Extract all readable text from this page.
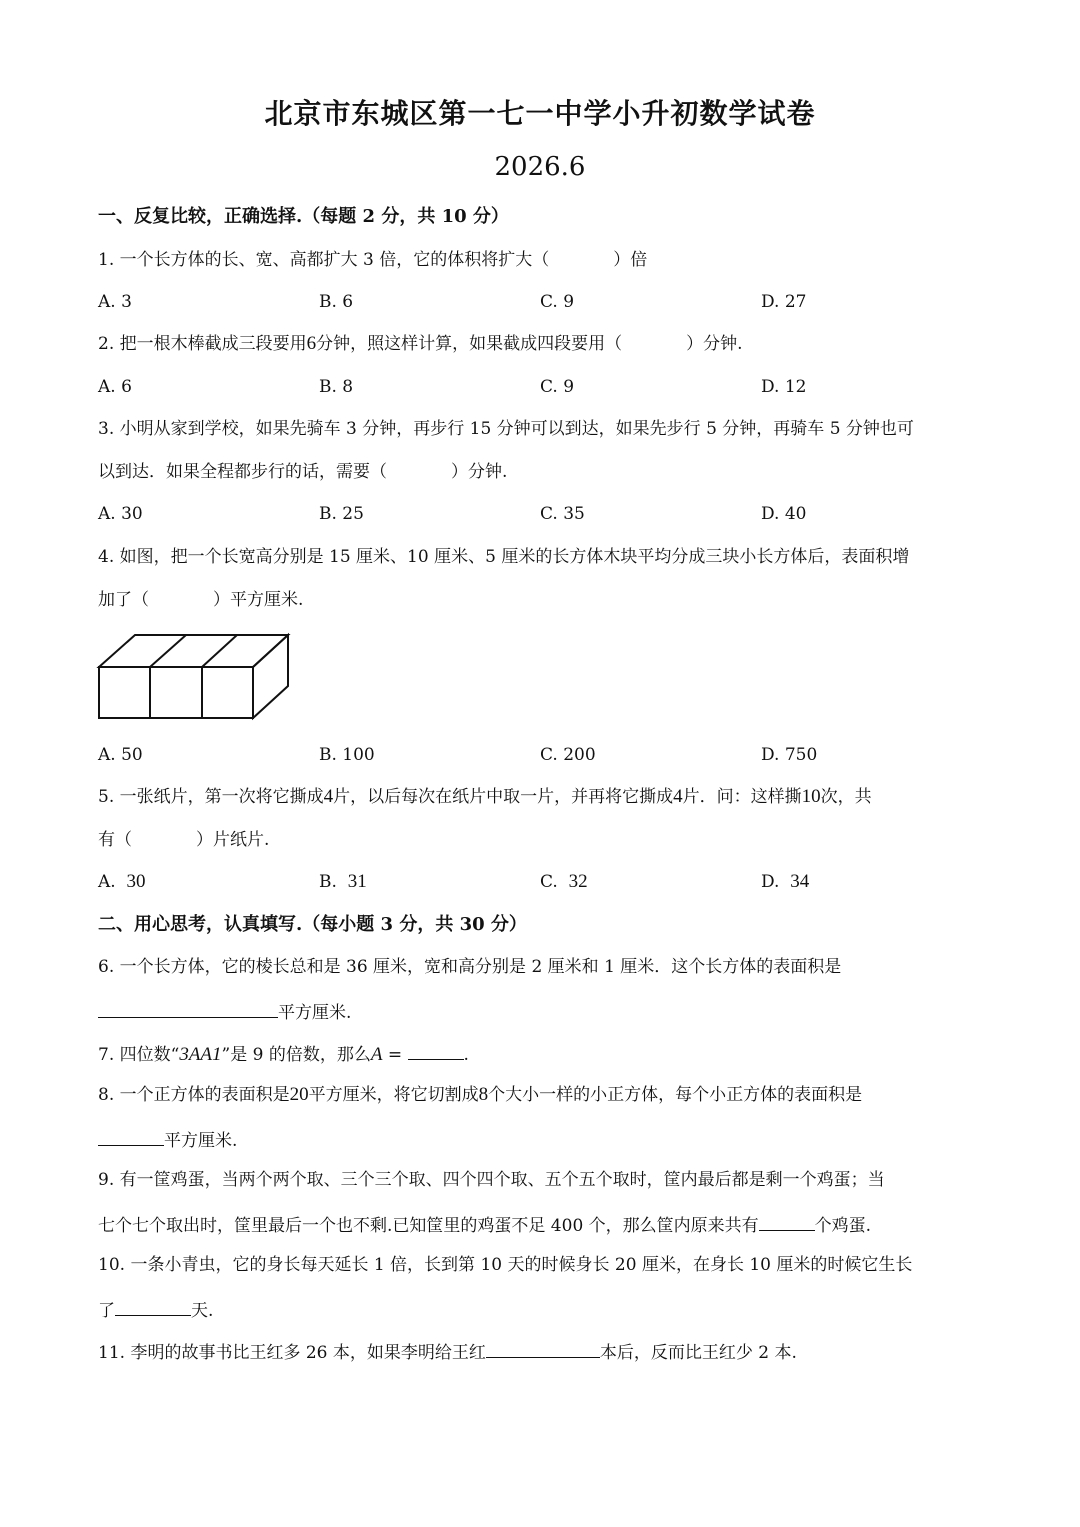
北京市东城区第一七一中学小升初数学试卷
2026.6
一、反复比较，正确选择.（每题 2 分，共 10 分）
1. 一个长方体的长、宽、高都扩大 3 倍，它的体积将扩大（	）倍
A. 3	B. 6	C. 9	D. 27
2. 把一根木棒截成三段要用6分钟，照这样计算，如果截成四段要用（	）分钟.
A. 6	B. 8	C. 9	D. 12
3. 小明从家到学校，如果先骑车 3 分钟，再步行 15 分钟可以到达，如果先步行 5 分钟，再骑车 5 分钟也可
以到达．如果全程都步行的话，需要（	）分钟.
A. 30	B. 25	C. 35	D. 40
4. 如图，把一个长宽高分别是 15 厘米、10 厘米、5 厘米的长方体木块平均分成三块小长方体后，表面积增
加了（	）平方厘米.
A. 50	B. 100	C. 200	D. 750
5. 一张纸片，第一次将它撕成4片，以后每次在纸片中取一片，并再将它撕成4片．问：这样撕10次，共
有（	）片纸片.
A. 30	B. 31	C. 32	D. 34
二、用心思考，认真填写.（每小题 3 分，共 30 分）
6. 一个长方体，它的棱长总和是 36 厘米，宽和高分别是 2 厘米和 1 厘米．这个长方体的表面积是
平方厘米.
7. 四位数“3AA1”是 9 的倍数，那么A =	.
8. 一个正方体的表面积是20平方厘米，将它切割成8个大小一样的小正方体，每个小正方体的表面积是
平方厘米.
9. 有一筐鸡蛋，当两个两个取、三个三个取、四个四个取、五个五个取时，筐内最后都是剩一个鸡蛋；当
七个七个取出时，筐里最后一个也不剩.已知筐里的鸡蛋不足 400 个，那么筐内原来共有	个鸡蛋.
10. 一条小青虫，它的身长每天延长 1 倍，长到第 10 天的时候身长 20 厘米，在身长 10 厘米的时候它生长
了	天.
11. 李明的故事书比王红多 26 本，如果李明给王红	本后，反而比王红少 2 本.
